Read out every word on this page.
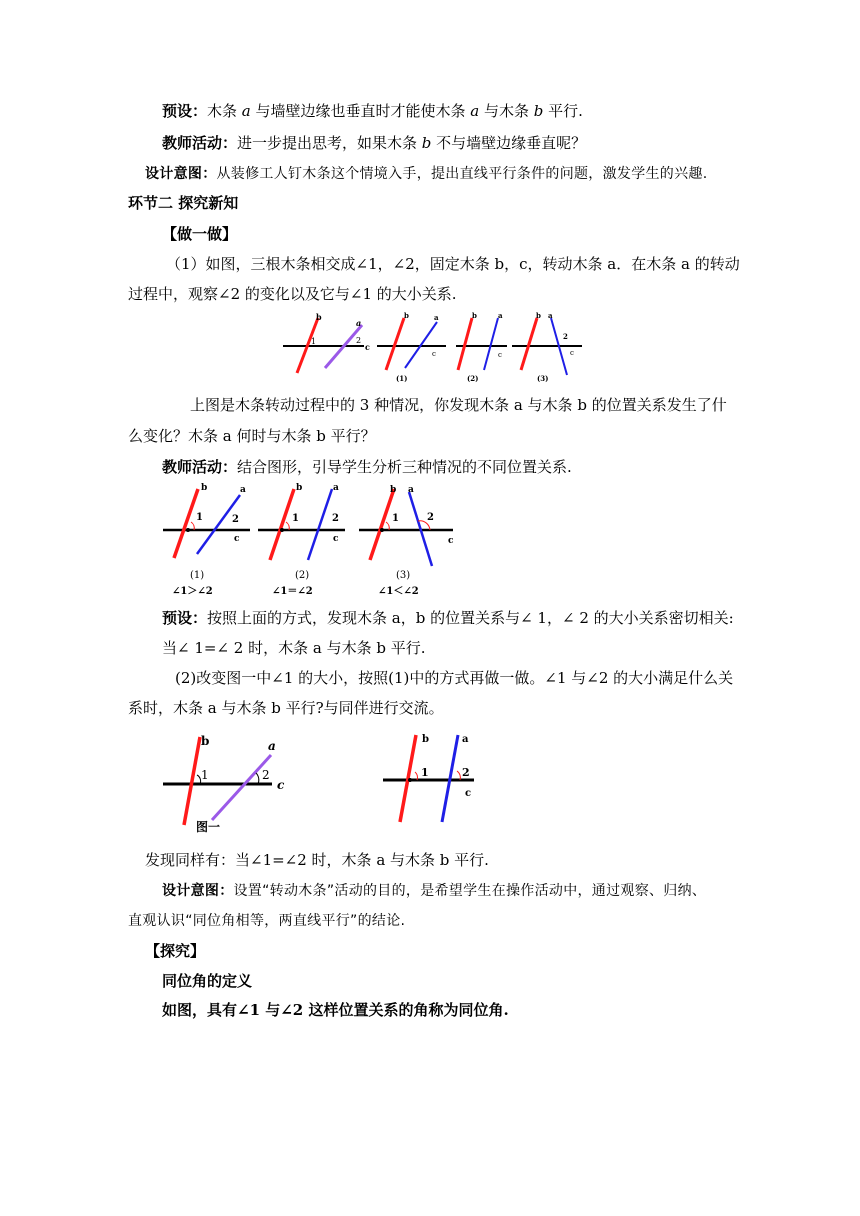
预设：木条 a 与墙壁边缘也垂直时才能使木条 a 与木条 b 平行.
教师活动：进一步提出思考，如果木条 b 不与墙壁边缘垂直呢？
设计意图：从装修工人钉木条这个情境入手，提出直线平行条件的问题，激发学生的兴趣.
环节二 探究新知
【做一做】
（1）如图，三根木条相交成∠1，∠2，固定木条 b，c，转动木条 a．在木条 a 的转动
过程中，观察∠2 的变化以及它与∠1 的大小关系.
b
a
c
1	2
b	a
c
(1)
b	a
c
(2)
b a
2
c
(3)
上图是木条转动过程中的 3 种情况，你发现木条 a 与木条 b 的位置关系发生了什
么变化？木条 a 何时与木条 b 平行？
教师活动：结合图形，引导学生分析三种情况的不同位置关系.
b	a
c
1	2
(1)
∠1＞∠2
b	a
c
1	2
(2)
∠1＝∠2
b a
c
1	2
(3)
∠1＜∠2
预设：按照上面的方式，发现木条 a，b 的位置关系与∠ 1，∠ 2 的大小关系密切相关:
当∠ 1=∠ 2 时，木条 a 与木条 b 平行.
(2)改变图一中∠1 的大小，按照(1)中的方式再做一做。∠1 与∠2 的大小满足什么关
系时，木条 a 与木条 b 平行?与同伴进行交流。
b	a
c
1	2
图一
b	a
c
1	2
发现同样有：当∠1=∠2 时，木条 a 与木条 b 平行.
设计意图：设置“转动木条”活动的目的，是希望学生在操作活动中，通过观察、归纳、
直观认识“同位角相等，两直线平行”的结论.
【探究】
同位角的定义
如图，具有∠1 与∠2 这样位置关系的角称为同位角.
